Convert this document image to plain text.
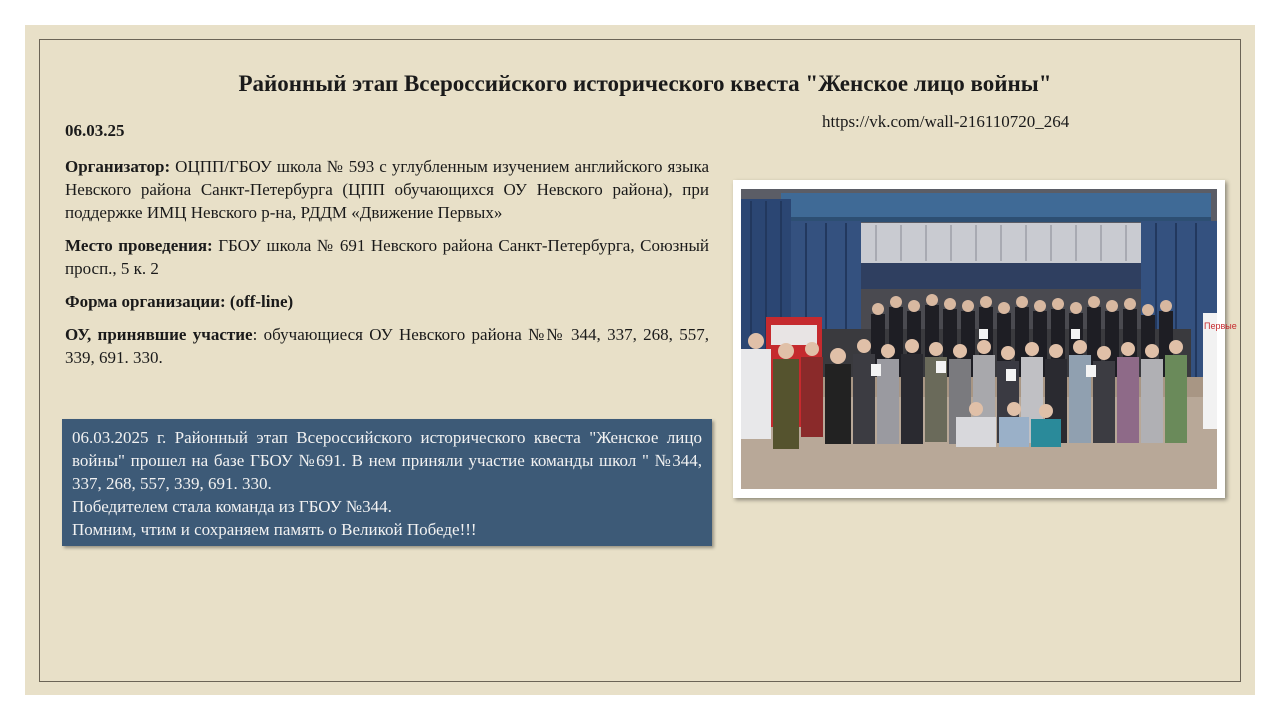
Районный этап Всероссийского исторического квеста "Женское лицо войны"
06.03.25	https://vk.com/wall-216110720_264

Организатор: ОЦПП/ГБОУ школа № 593 с углубленным изучением английского языка Невского района Санкт-Петербурга (ЦПП обучающихся ОУ Невского района), при поддержке ИМЦ Невского р-на, РДДМ «Движение Первых»

Место проведения: ГБОУ школа № 691 Невского района Санкт-Петербурга, Союзный просп., 5 к. 2

Форма организации: (off-line)

ОУ, принявшие участие: обучающиеся ОУ Невского района №№ 344, 337, 268, 557, 339, 691. 330.

06.03.2025 г. Районный этап Всероссийского исторического квеста "Женское лицо войны" прошел на базе ГБОУ №691. В нем приняли участие команды школ " №344, 337, 268, 557, 339, 691. 330.
Победителем стала команда из ГБОУ №344.
Помним, чтим и сохраняем память о Великой Победе!!!
Первые
